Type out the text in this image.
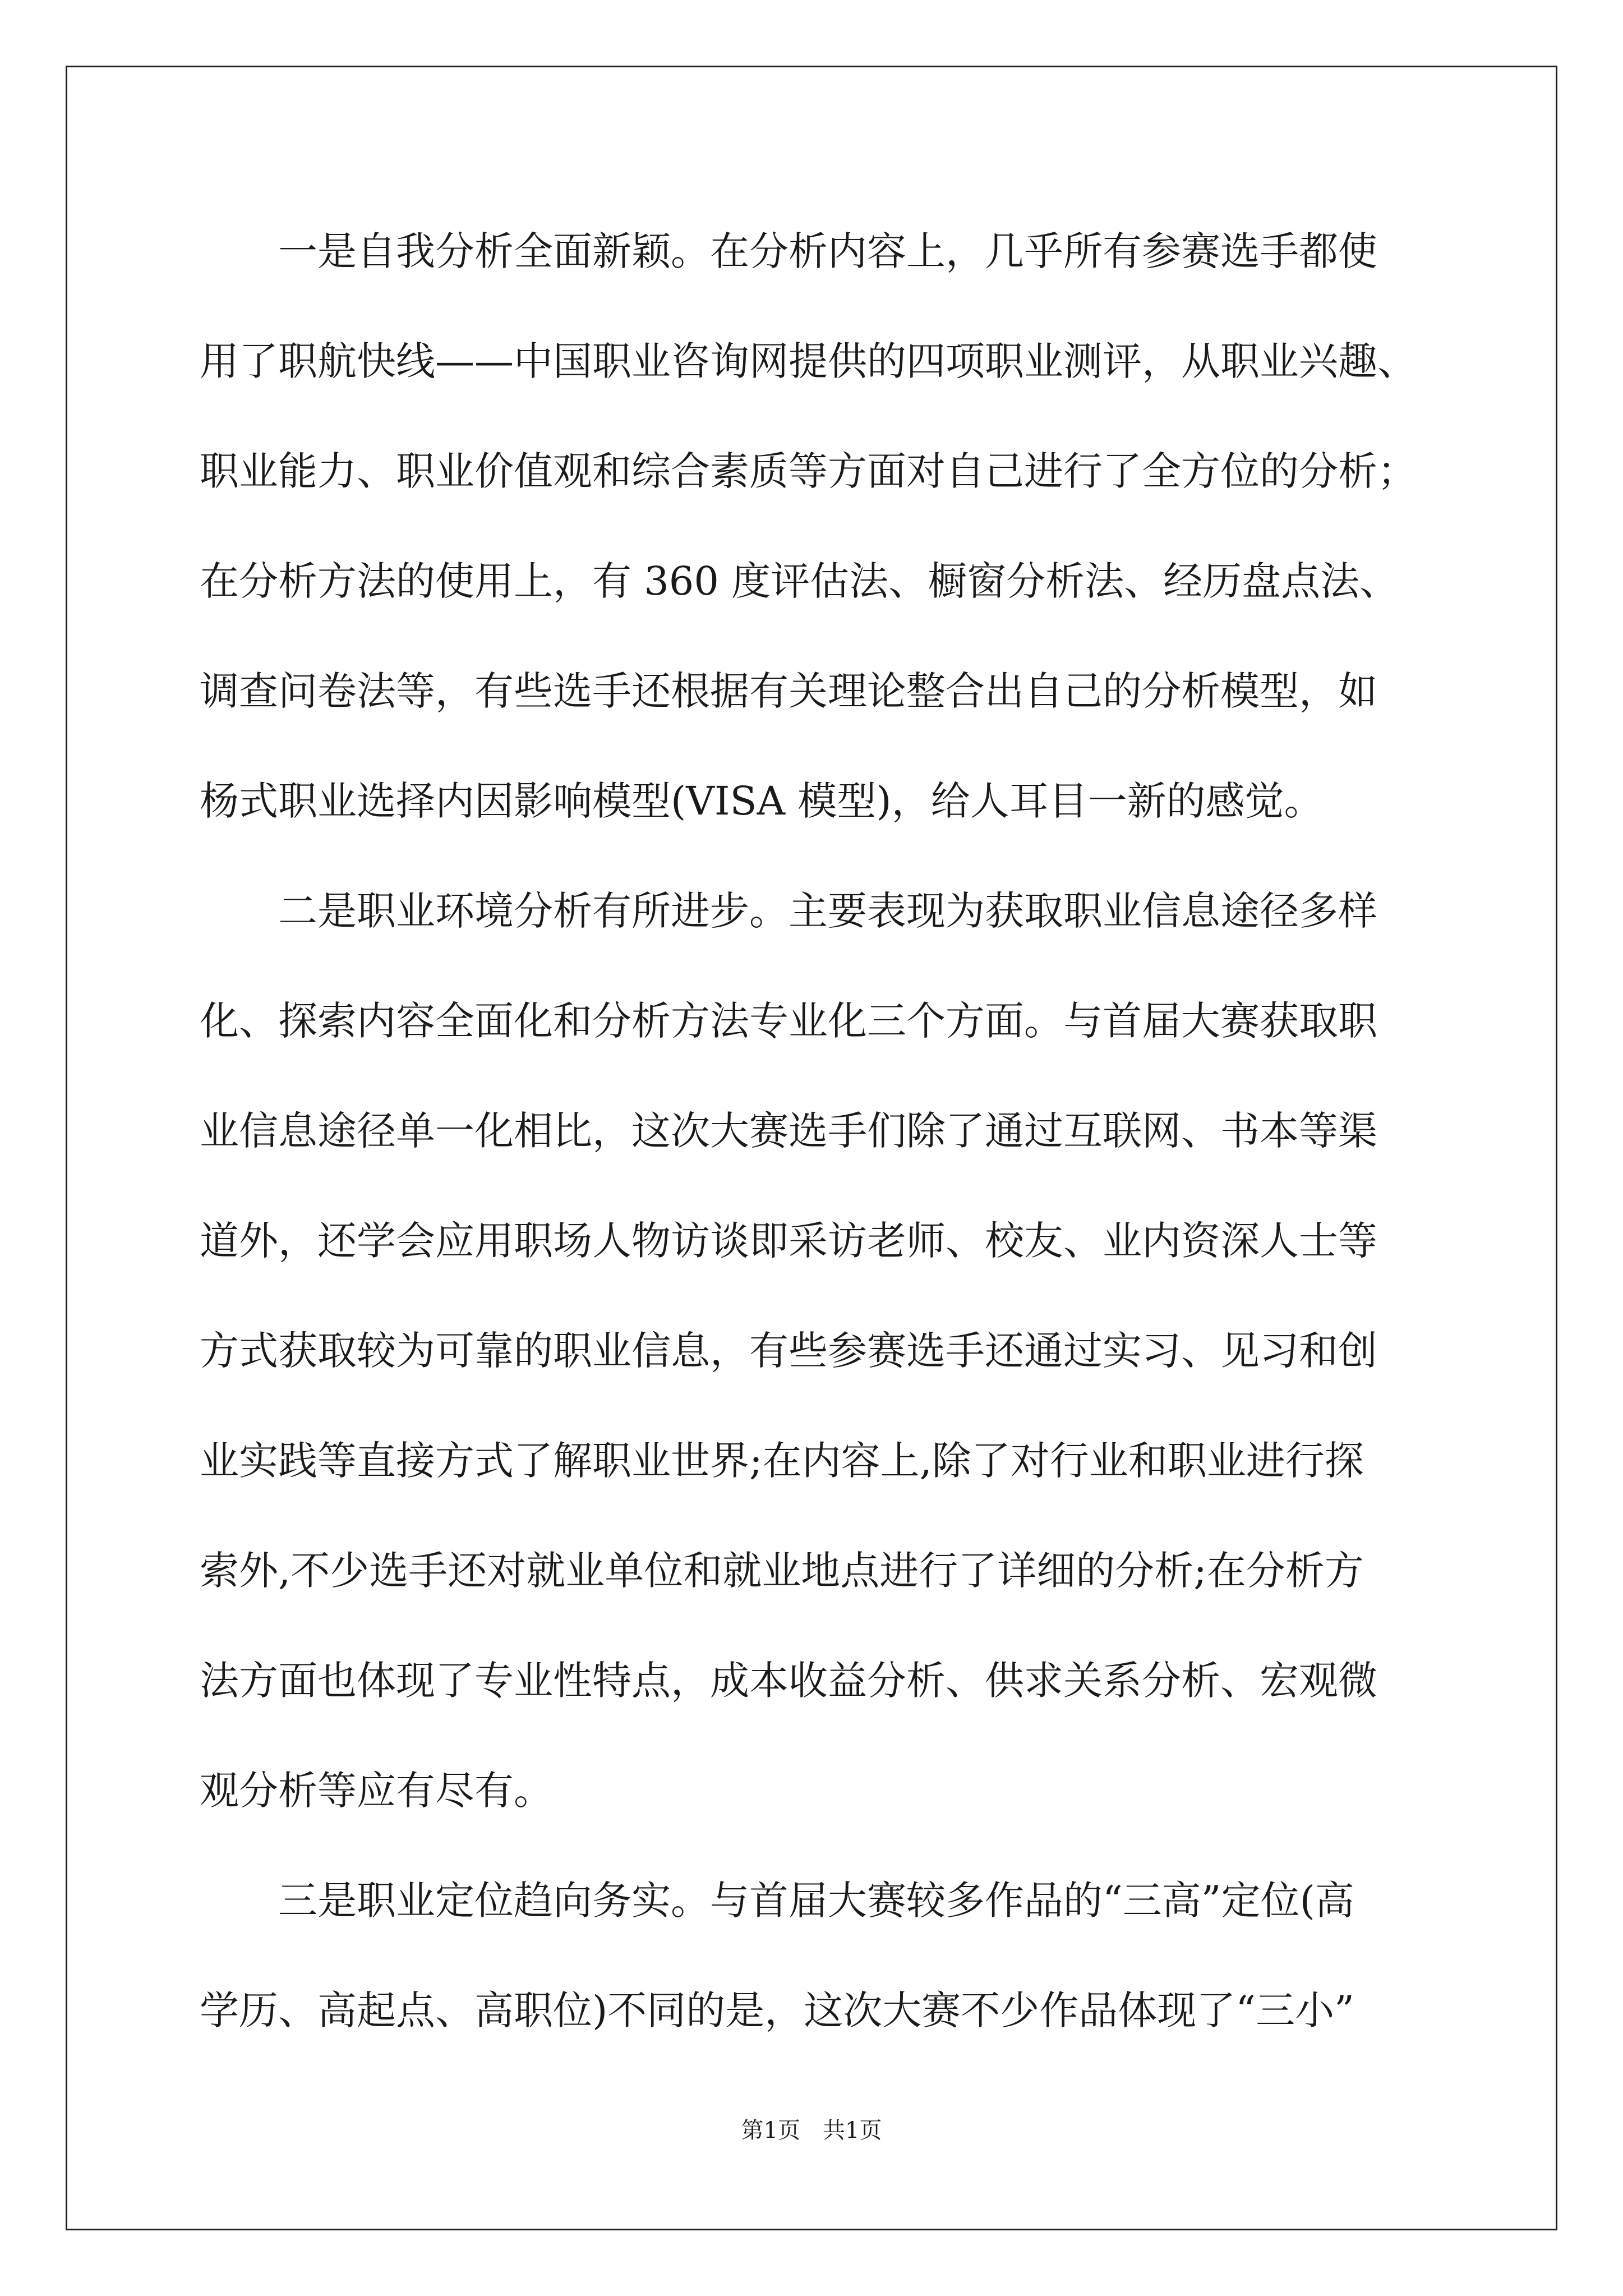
　　一是自我分析全面新颖。在分析内容上，几乎所有参赛选手都使

用了职航快线——中国职业咨询网提供的四项职业测评，从职业兴趣、

职业能力、职业价值观和综合素质等方面对自己进行了全方位的分析；

在分析方法的使用上，有 360 度评估法、橱窗分析法、经历盘点法、

调查问卷法等，有些选手还根据有关理论整合出自己的分析模型，如

杨式职业选择内因影响模型(VISA 模型)，给人耳目一新的感觉。

　　二是职业环境分析有所进步。主要表现为获取职业信息途径多样

化、探索内容全面化和分析方法专业化三个方面。与首届大赛获取职

业信息途径单一化相比，这次大赛选手们除了通过互联网、书本等渠

道外，还学会应用职场人物访谈即采访老师、校友、业内资深人士等

方式获取较为可靠的职业信息，有些参赛选手还通过实习、见习和创

业实践等直接方式了解职业世界;在内容上,除了对行业和职业进行探

索外,不少选手还对就业单位和就业地点进行了详细的分析;在分析方

法方面也体现了专业性特点，成本收益分析、供求关系分析、宏观微

观分析等应有尽有。

　　三是职业定位趋向务实。与首届大赛较多作品的“三高”定位(高

学历、高起点、高职位)不同的是，这次大赛不少作品体现了“三小”

第1页　共1页
